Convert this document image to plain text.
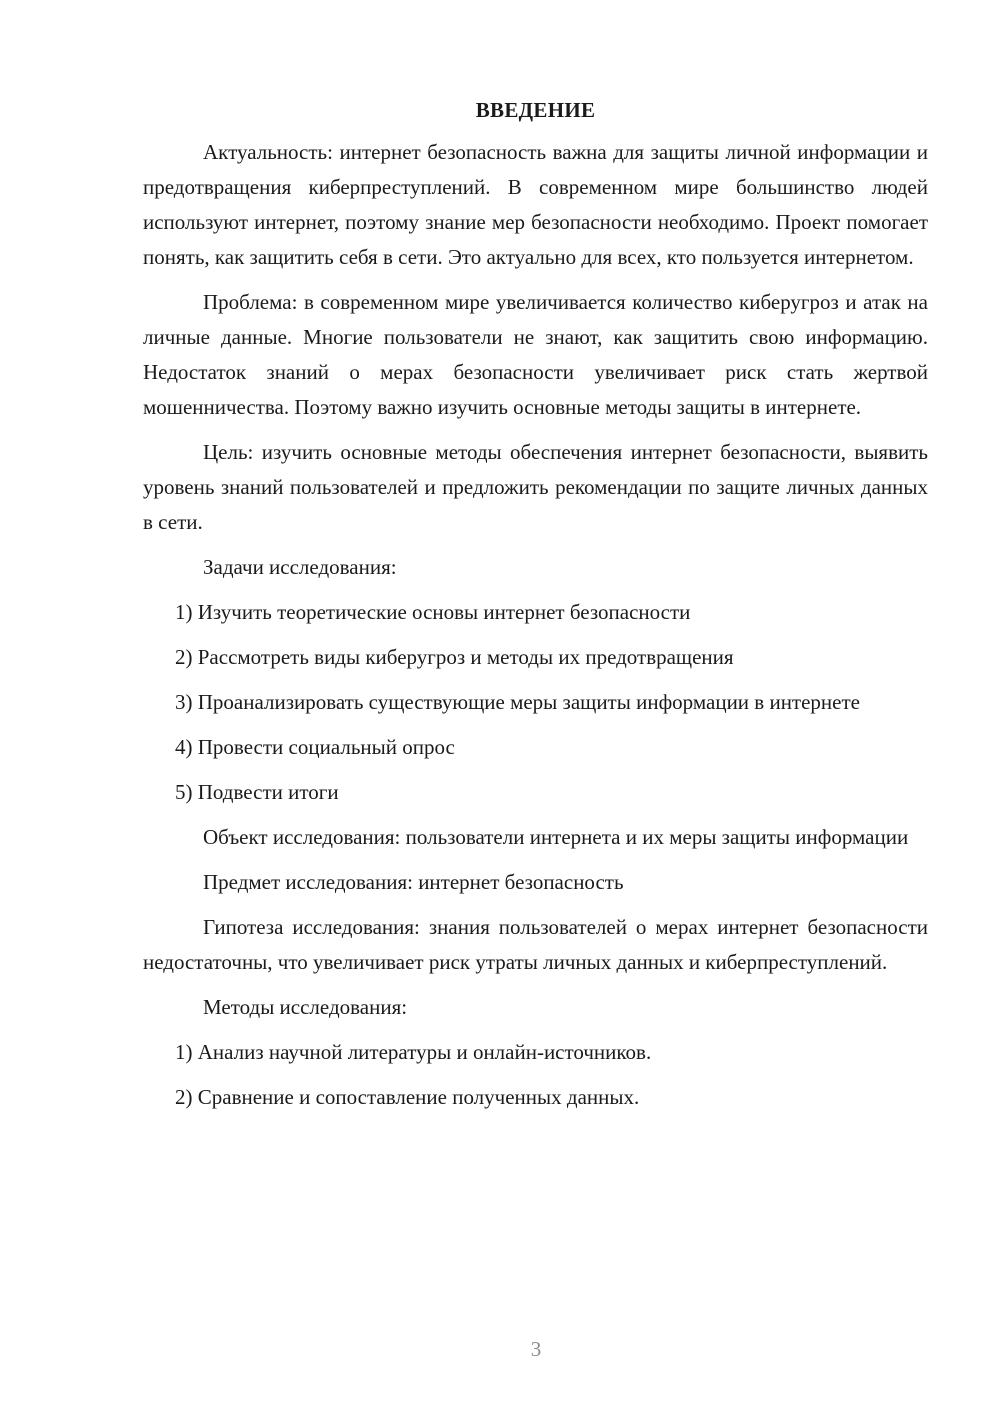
ВВЕДЕНИЕ

Актуальность: интернет безопасность важна для защиты личной информации и предотвращения киберпреступлений. В современном мире большинство людей используют интернет, поэтому знание мер безопасности необходимо. Проект помогает понять, как защитить себя в сети. Это актуально для всех, кто пользуется интернетом.

Проблема: в современном мире увеличивается количество киберугроз и атак на личные данные. Многие пользователи не знают, как защитить свою информацию. Недостаток знаний о мерах безопасности увеличивает риск стать жертвой мошенничества. Поэтому важно изучить основные методы защиты в интернете.

Цель: изучить основные методы обеспечения интернет безопасности, выявить уровень знаний пользователей и предложить рекомендации по защите личных данных в сети.

Задачи исследования:

1) Изучить теоретические основы интернет безопасности

2) Рассмотреть виды киберугроз и методы их предотвращения

3) Проанализировать существующие меры защиты информации в интернете

4) Провести социальный опрос

5) Подвести итоги

Объект исследования: пользователи интернета и их меры защиты информации

Предмет исследования: интернет безопасность

Гипотеза исследования: знания пользователей о мерах интернет безопасности недостаточны, что увеличивает риск утраты личных данных и киберпреступлений.

Методы исследования:

1) Анализ научной литературы и онлайн-источников.

2) Сравнение и сопоставление полученных данных.

3
